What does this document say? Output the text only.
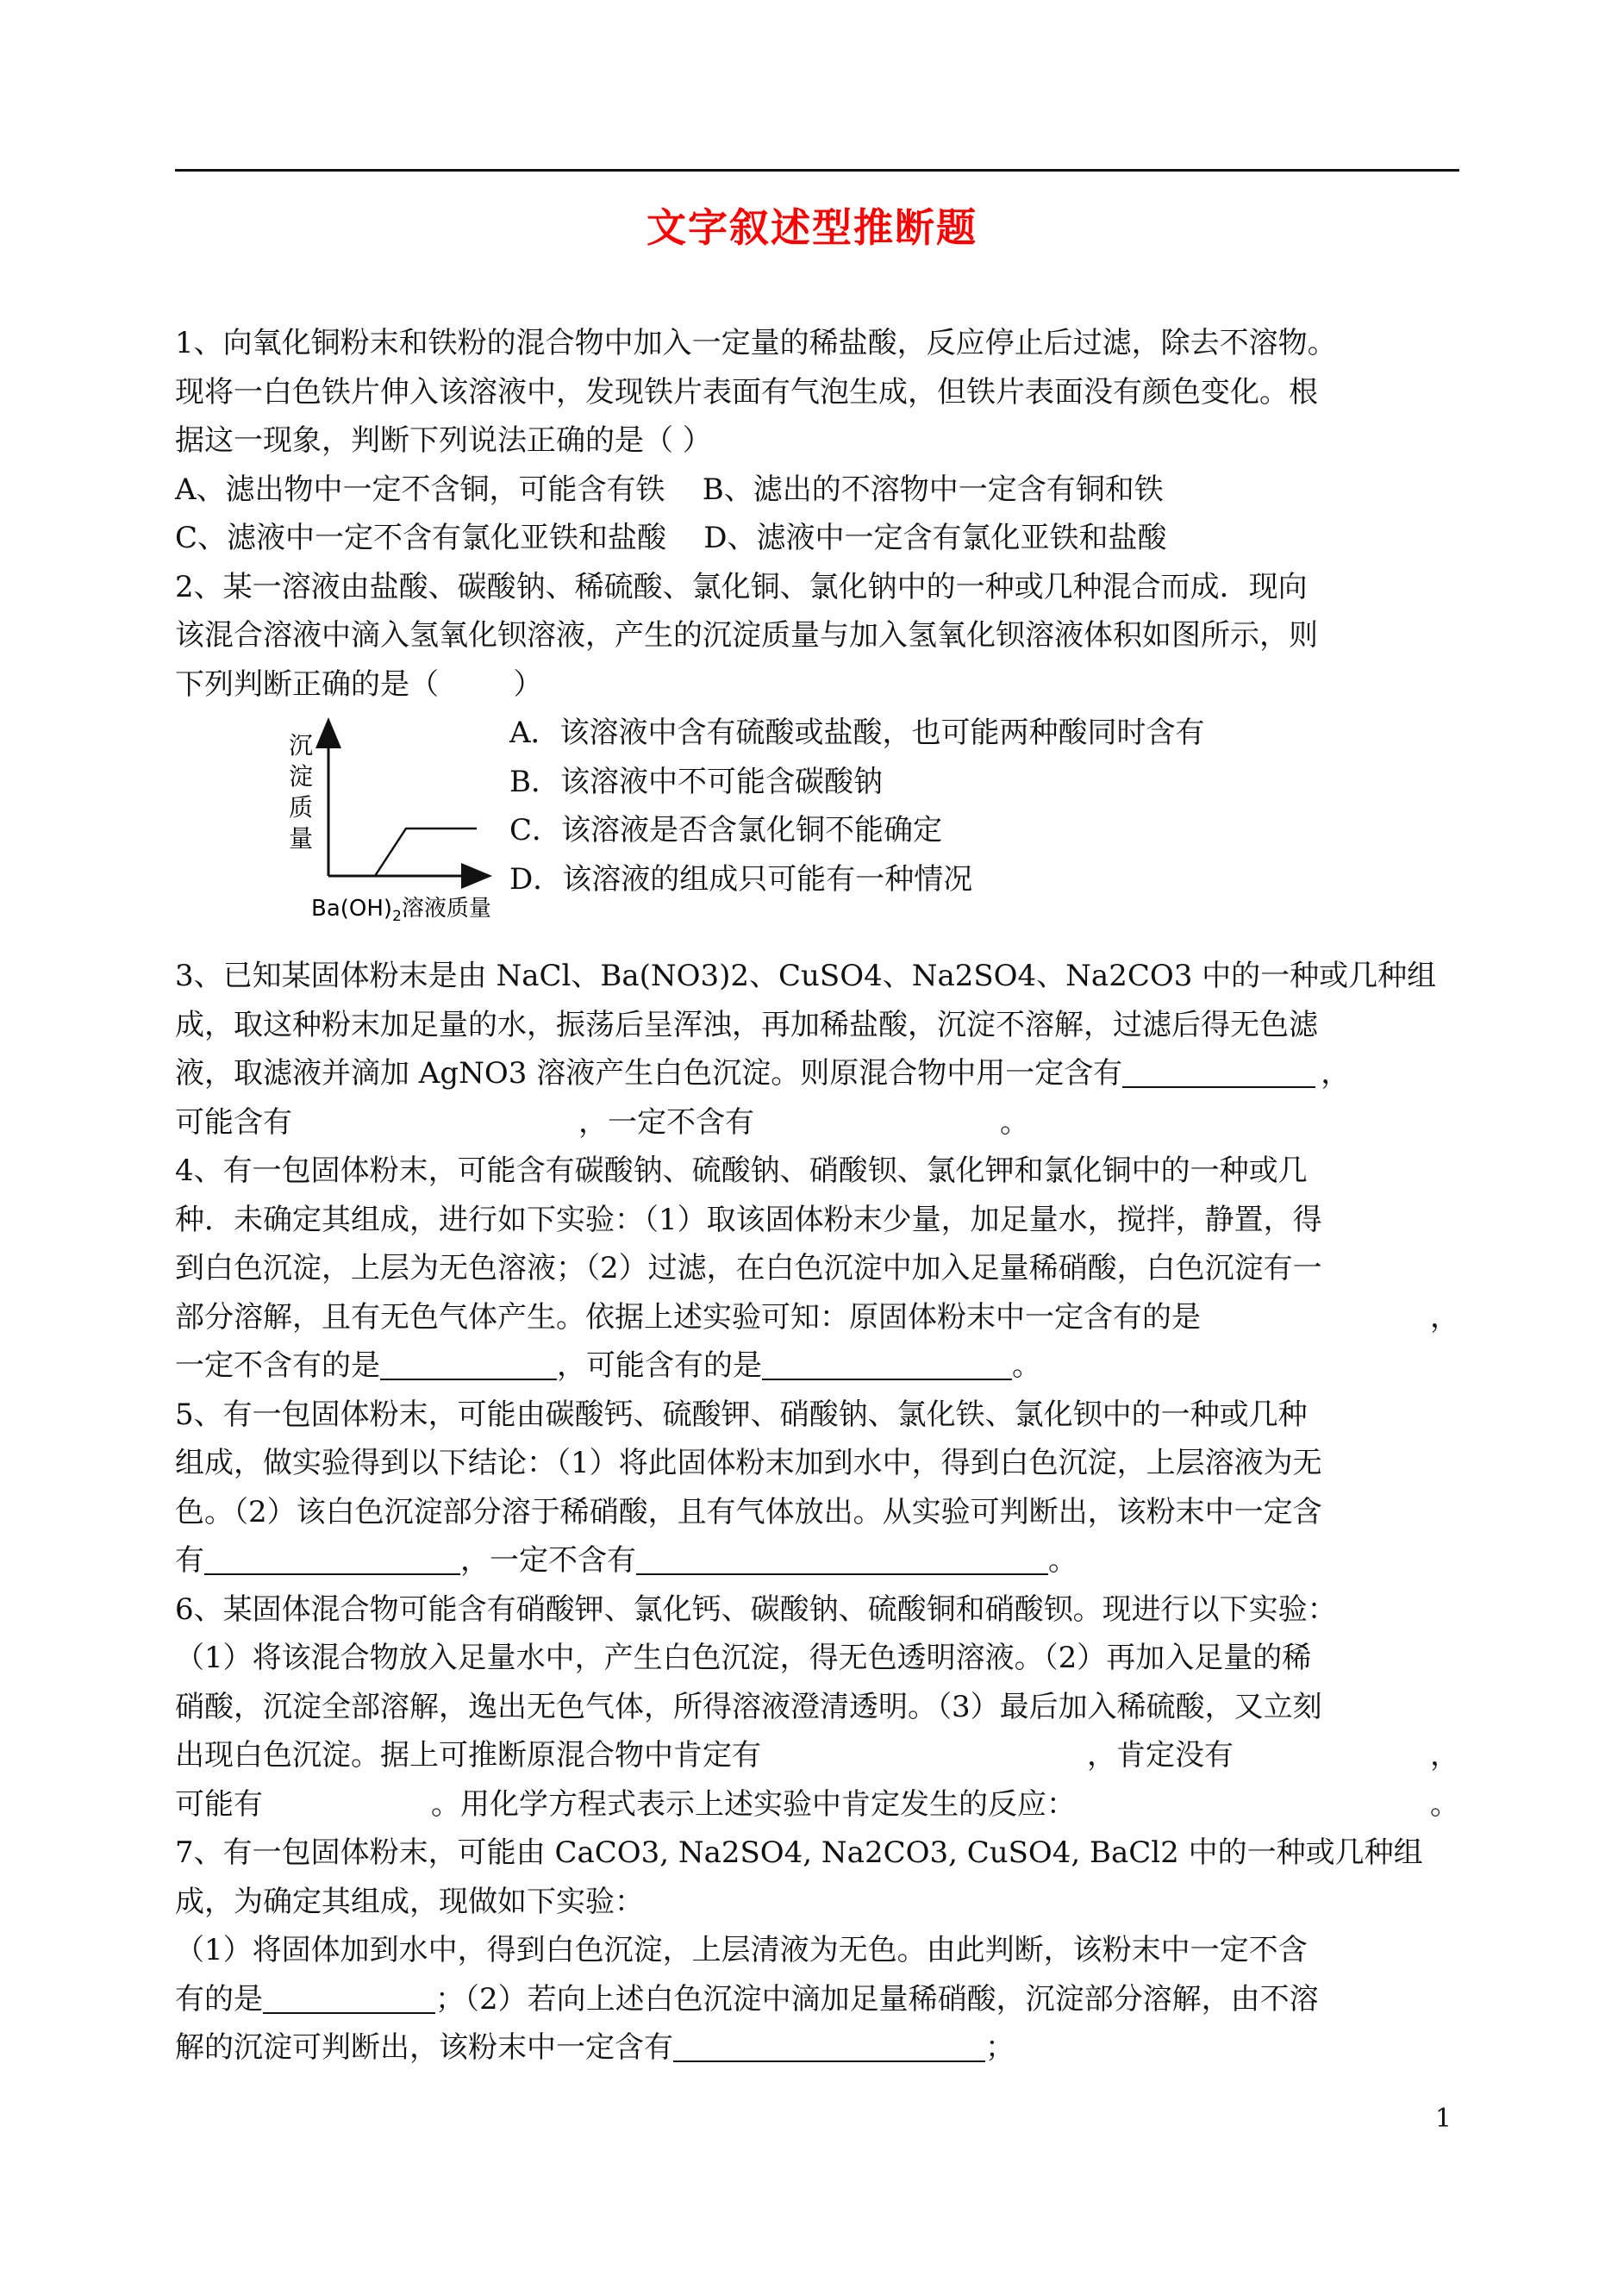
文字叙述型推断题
1、向氧化铜粉末和铁粉的混合物中加入一定量的稀盐酸，反应停止后过滤，除去不溶物。
现将一白色铁片伸入该溶液中，发现铁片表面有气泡生成，但铁片表面没有颜色变化。根
据这一现象，判断下列说法正确的是（ ）
A、滤出物中一定不含铜，可能含有铁    B、滤出的不溶物中一定含有铜和铁
C、滤液中一定不含有氯化亚铁和盐酸    D、滤液中一定含有氯化亚铁和盐酸
2、某一溶液由盐酸、碳酸钠、稀硫酸、氯化铜、氯化钠中的一种或几种混合而成．现向
该混合溶液中滴入氢氧化钡溶液，产生的沉淀质量与加入氢氧化钡溶液体积如图所示，则
下列判断正确的是（        ）
沉
淀
质
量
$Ba(OH)_2$溶液质量
A．该溶液中含有硫酸或盐酸，也可能两种酸同时含有
B．该溶液中不可能含碳酸钠
C．该溶液是否含氯化铜不能确定
D．该溶液的组成只可能有一种情况
3、已知某固体粉末是由 NaCl、Ba(NO3)2、CuSO4、Na2SO4、Na2CO3 中的一种或几种组
成，取这种粉末加足量的水，振荡后呈浑浊，再加稀盐酸，沉淀不溶解，过滤后得无色滤
液，取滤液并滴加 AgNO3 溶液产生白色沉淀。则原混合物中用一定含有	，
可能含有	，一定不含有	。
4、有一包固体粉末，可能含有碳酸钠、硫酸钠、硝酸钡、氯化钾和氯化铜中的一种或几
种．未确定其组成，进行如下实验：（1）取该固体粉末少量，加足量水，搅拌，静置，得
到白色沉淀，上层为无色溶液；（2）过滤，在白色沉淀中加入足量稀硝酸，白色沉淀有一
部分溶解，且有无色气体产生。依据上述实验可知：原固体粉末中一定含有的是	，
一定不含有的是	，可能含有的是	。
5、有一包固体粉末，可能由碳酸钙、硫酸钾、硝酸钠、氯化铁、氯化钡中的一种或几种
组成，做实验得到以下结论：（1）将此固体粉末加到水中，得到白色沉淀，上层溶液为无
色。（2）该白色沉淀部分溶于稀硝酸，且有气体放出。从实验可判断出，该粉末中一定含
有	，一定不含有	。
6、某固体混合物可能含有硝酸钾、氯化钙、碳酸钠、硫酸铜和硝酸钡。现进行以下实验：
（1）将该混合物放入足量水中，产生白色沉淀，得无色透明溶液。（2）再加入足量的稀
硝酸，沉淀全部溶解，逸出无色气体，所得溶液澄清透明。（3）最后加入稀硫酸，又立刻
出现白色沉淀。据上可推断原混合物中肯定有	，肯定没有	，
可能有	。用化学方程式表示上述实验中肯定发生的反应：	。
7、有一包固体粉末，可能由 CaCO3, Na2SO4, Na2CO3, CuSO4, BaCl2 中的一种或几种组
成，为确定其组成，现做如下实验：
（1）将固体加到水中，得到白色沉淀，上层清液为无色。由此判断，该粉末中一定不含
有的是	；（2）若向上述白色沉淀中滴加足量稀硝酸，沉淀部分溶解，由不溶
解的沉淀可判断出，该粉末中一定含有	；
1
